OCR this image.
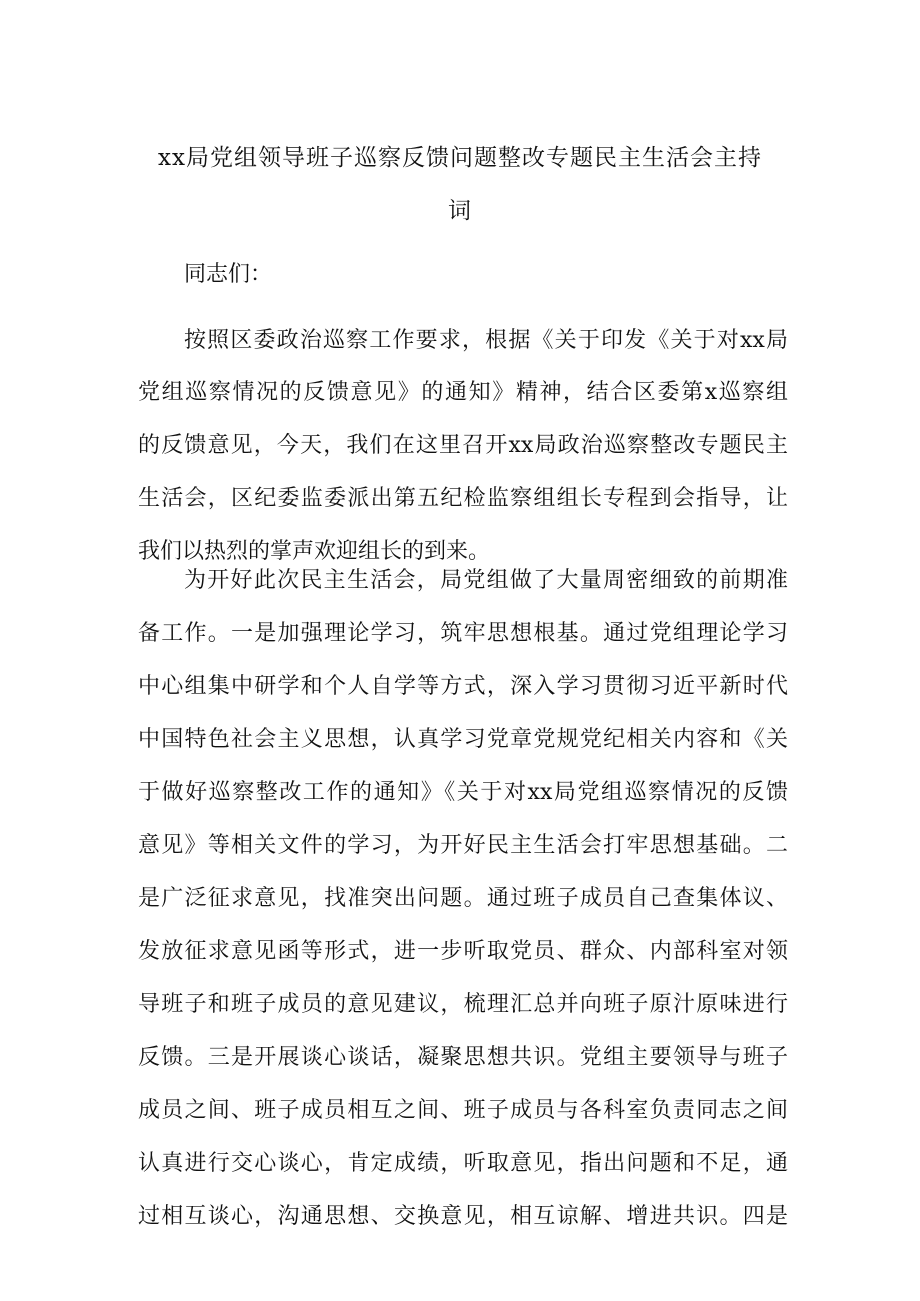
xx局党组领导班子巡察反馈问题整改专题民主生活会主持
词
同志们：
按照区委政治巡察工作要求，根据《关于印发《关于对xx局
党组巡察情况的反馈意见》的通知》精神，结合区委第x巡察组
的反馈意见，今天，我们在这里召开xx局政治巡察整改专题民主
生活会，区纪委监委派出第五纪检监察组组长专程到会指导，让
我们以热烈的掌声欢迎组长的到来。
为开好此次民主生活会，局党组做了大量周密细致的前期准
备工作。一是加强理论学习，筑牢思想根基。通过党组理论学习
中心组集中研学和个人自学等方式，深入学习贯彻习近平新时代
中国特色社会主义思想，认真学习党章党规党纪相关内容和《关
于做好巡察整改工作的通知》《关于对xx局党组巡察情况的反馈
意见》等相关文件的学习，为开好民主生活会打牢思想基础。二
是广泛征求意见，找准突出问题。通过班子成员自己查集体议、
发放征求意见函等形式，进一步听取党员、群众、内部科室对领
导班子和班子成员的意见建议，梳理汇总并向班子原汁原味进行
反馈。三是开展谈心谈话，凝聚思想共识。党组主要领导与班子
成员之间、班子成员相互之间、班子成员与各科室负责同志之间
认真进行交心谈心，肯定成绩，听取意见，指出问题和不足，通
过相互谈心，沟通思想、交换意见，相互谅解、增进共识。四是
